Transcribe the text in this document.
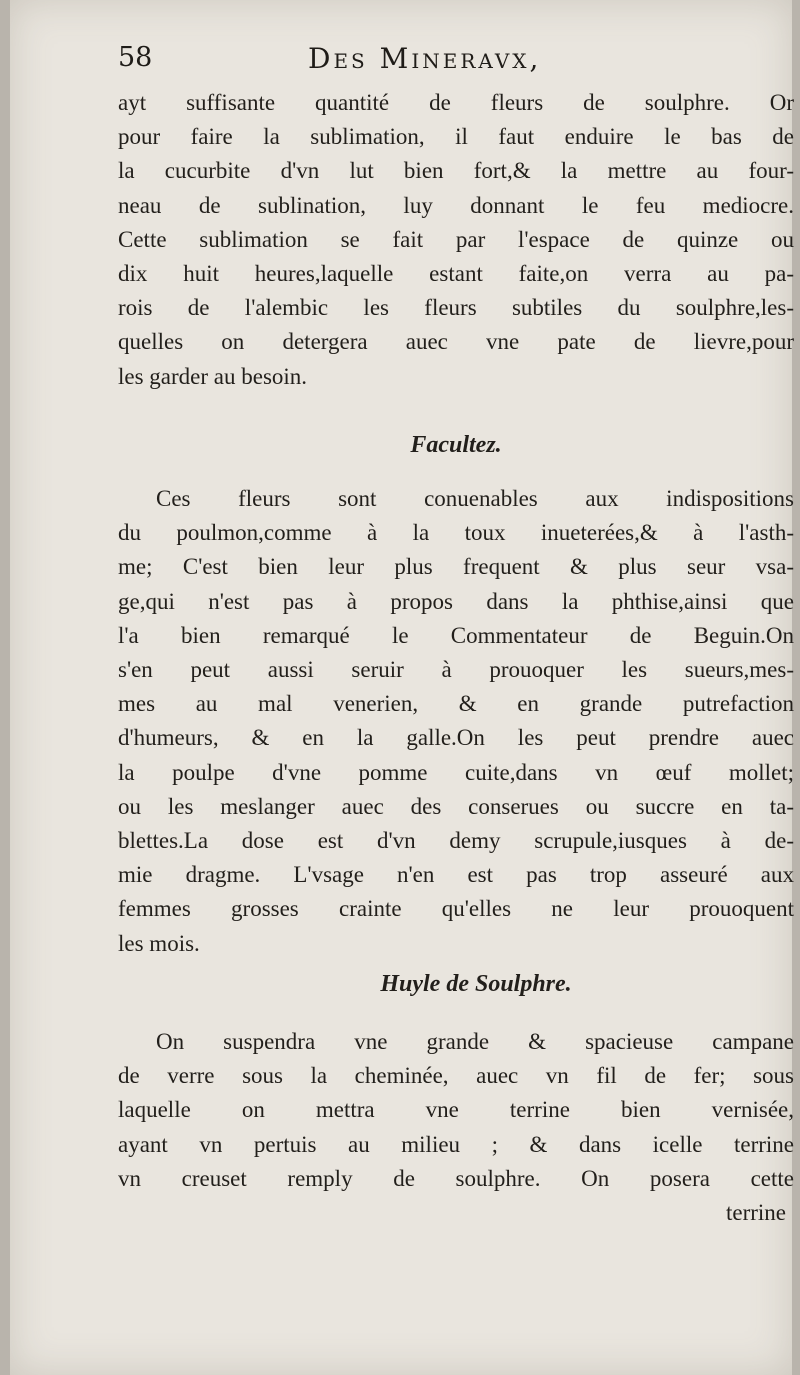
58	Des Mineravx,
ayt suffisante quantité de fleurs de soulphre. Or
pour faire la sublimation, il faut enduire le bas de
la cucurbite d'vn lut bien fort,& la mettre au four-
neau de sublination, luy donnant le feu mediocre.
Cette sublimation se fait par l'espace de quinze ou
dix huit heures,laquelle estant faite,on verra au pa-
rois de l'alembic les fleurs subtiles du soulphre,les-
quelles on detergera auec vne pate de lievre,pour
les garder au besoin.
Facultez.
Ces fleurs sont conuenables aux indispositions
du poulmon,comme à la toux inueterées,& à l'asth-
me; C'est bien leur plus frequent & plus seur vsa-
ge,qui n'est pas à propos dans la phthise,ainsi que
l'a bien remarqué le Commentateur de Beguin.On
s'en peut aussi seruir à prouoquer les sueurs,mes-
mes au mal venerien, & en grande putrefaction
d'humeurs, & en la galle.On les peut prendre auec
la poulpe d'vne pomme cuite,dans vn œuf mollet;
ou les meslanger auec des conserues ou succre en ta-
blettes.La dose est d'vn demy scrupule,iusques à de-
mie dragme. L'vsage n'en est pas trop asseuré aux
femmes grosses crainte qu'elles ne leur prouoquent
les mois.
Huyle de Soulphre.
On suspendra vne grande & spacieuse campane
de verre sous la cheminée, auec vn fil de fer; sous
laquelle on mettra vne terrine bien vernisée,
ayant vn pertuis au milieu ; & dans icelle terrine
vn creuset remply de soulphre. On posera cette
terrine
